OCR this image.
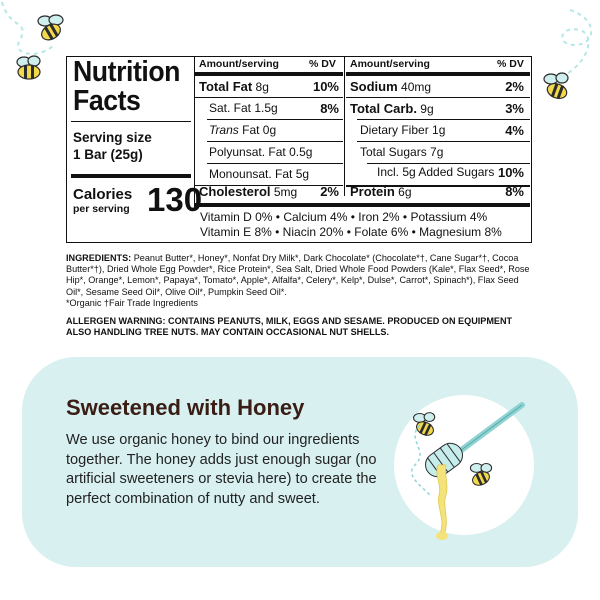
Nutrition
Facts
Serving size
1 Bar (25g)
Calories
per serving 130
Amount/serving	% DV
Total Fat 8g	10%
Sat. Fat 1.5g	8%
Trans Fat 0g
Polyunsat. Fat 0.5g
Monounsat. Fat 5g
Cholesterol 5mg 2%
Amount/serving	% DV
Sodium 40mg	2%
Total Carb. 9g	3%
Dietary Fiber 1g	4%
Total Sugars 7g
Incl. 5g Added Sugars 10%
Protein 6g	8%
Vitamin D 0% • Calcium 4% • Iron 2% • Potassium 4%
Vitamin E 8% • Niacin 20% • Folate 6% • Magnesium 8%
INGREDIENTS: Peanut Butter*, Honey*, Nonfat Dry Milk*, Dark Chocolate* (Chocolate*†, Cane Sugar*†, Cocoa Butter*†), Dried Whole Egg Powder*, Rice Protein*, Sea Salt, Dried Whole Food Powders (Kale*, Flax Seed*, Rose Hip*, Orange*, Lemon*, Papaya*, Tomato*, Apple*, Alfalfa*, Celery*, Kelp*, Dulse*, Carrot*, Spinach*), Flax Seed Oil*, Sesame Seed Oil*, Olive Oil*, Pumpkin Seed Oil*.
*Organic †Fair Trade Ingredients
ALLERGEN WARNING: CONTAINS PEANUTS, MILK, EGGS AND SESAME. PRODUCED ON EQUIPMENT ALSO HANDLING TREE NUTS. MAY CONTAIN OCCASIONAL NUT SHELLS.
Sweetened with Honey
We use organic honey to bind our ingredients together. The honey adds just enough sugar (no artificial sweeteners or stevia here) to create the perfect combination of nutty and sweet.
